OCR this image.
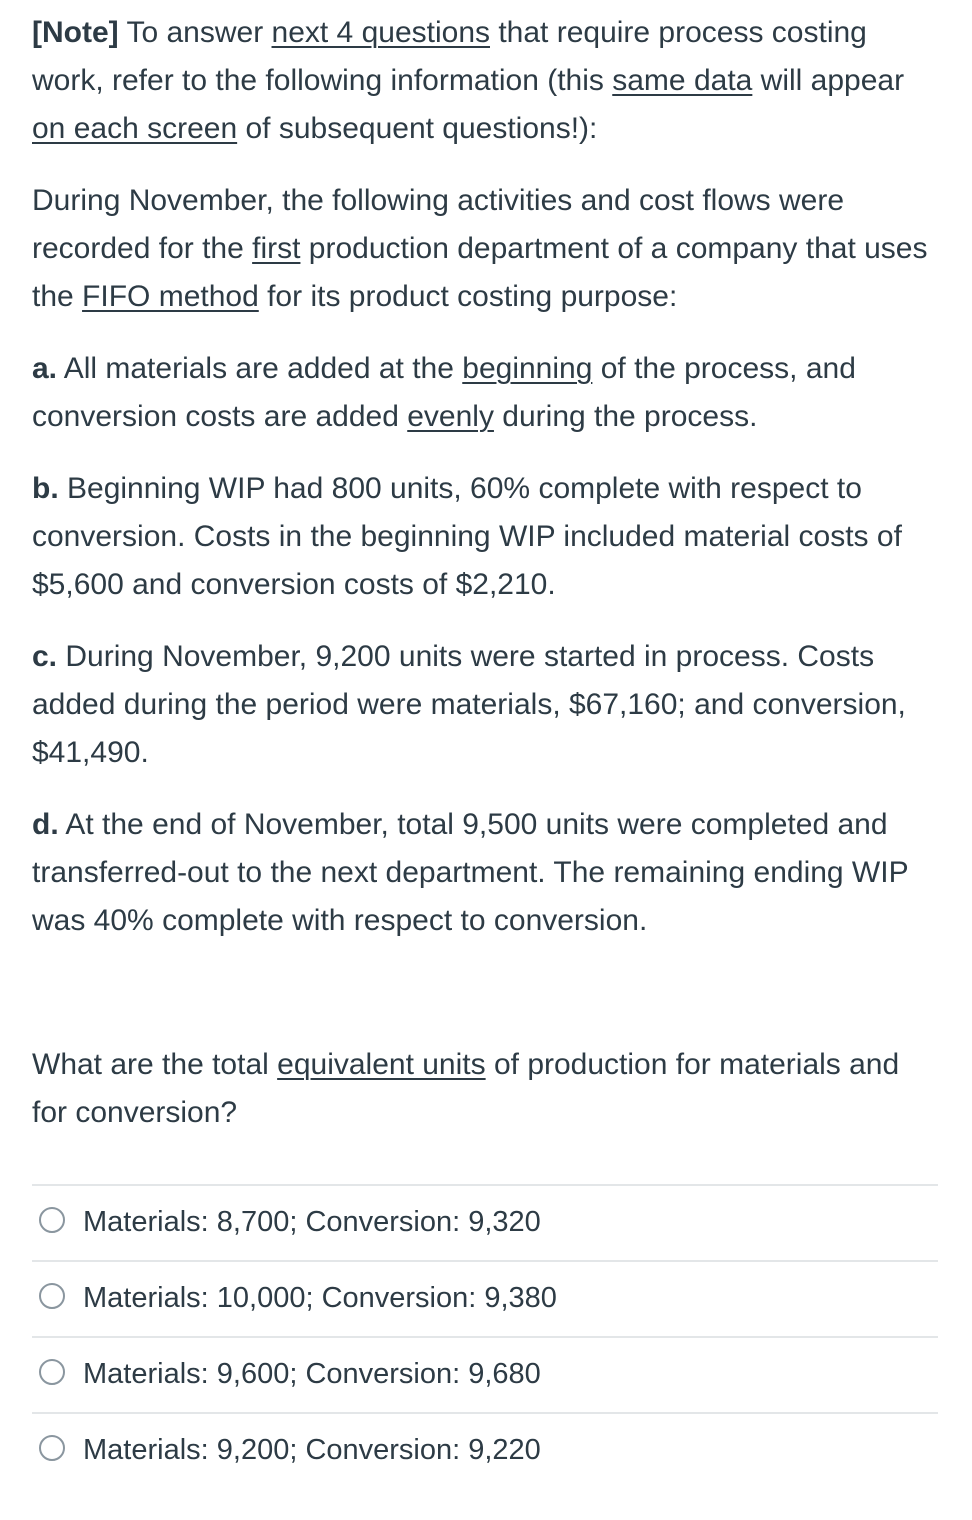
[Note] To answer next 4 questions that require process costing work, refer to the following information (this same data will appear on each screen of subsequent questions!):

During November, the following activities and cost flows were recorded for the first production department of a company that uses the FIFO method for its product costing purpose:

a. All materials are added at the beginning of the process, and conversion costs are added evenly during the process.

b. Beginning WIP had 800 units, 60% complete with respect to conversion. Costs in the beginning WIP included material costs of $5,600 and conversion costs of $2,210.

c. During November, 9,200 units were started in process. Costs added during the period were materials, $67,160; and conversion, $41,490.

d. At the end of November, total 9,500 units were completed and transferred-out to the next department. The remaining ending WIP was 40% complete with respect to conversion.

What are the total equivalent units of production for materials and for conversion?

Materials: 8,700; Conversion: 9,320
Materials: 10,000; Conversion: 9,380
Materials: 9,600; Conversion: 9,680
Materials: 9,200; Conversion: 9,220
